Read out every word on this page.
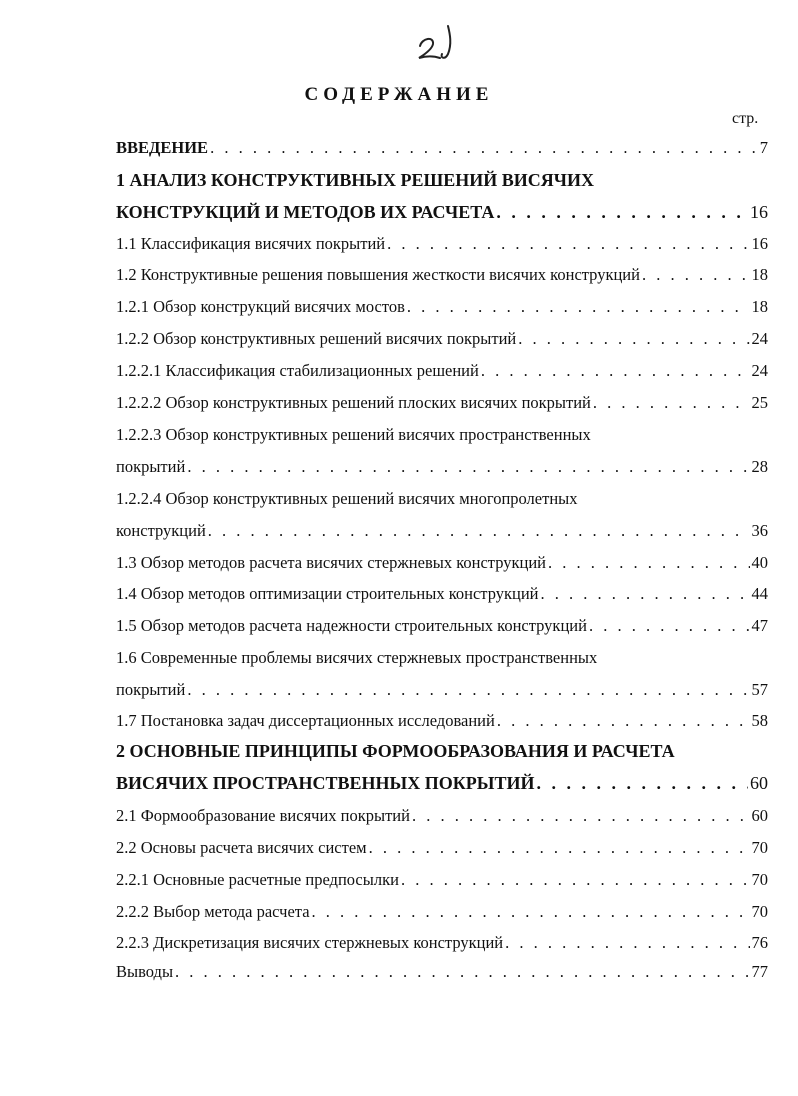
СОДЕРЖАНИЕ
стр.
ВВЕДЕНИЕ . . .	7
1 АНАЛИЗ КОНСТРУКТИВНЫХ РЕШЕНИЙ ВИСЯЧИХ
КОНСТРУКЦИЙ И МЕТОДОВ ИХ РАСЧЕТА . . .	16
1.1 Классификация висячих покрытий . . .	16
1.2 Конструктивные решения повышения жесткости висячих конструкций . . .	18
1.2.1 Обзор конструкций висячих мостов . . .	18
1.2.2 Обзор конструктивных решений висячих покрытий . . .	24
1.2.2.1 Классификация стабилизационных решений . . .	24
1.2.2.2 Обзор конструктивных решений плоских висячих покрытий . . .	25
1.2.2.3 Обзор конструктивных решений висячих пространственных
покрытий . . .	28
1.2.2.4 Обзор конструктивных решений висячих многопролетных
конструкций . . .	36
1.3 Обзор методов расчета висячих стержневых конструкций . . .	40
1.4 Обзор методов оптимизации строительных конструкций . . .	44
1.5 Обзор методов расчета надежности строительных конструкций . . .	47
1.6 Современные проблемы висячих стержневых пространственных
покрытий . . .	57
1.7 Постановка задач диссертационных исследований . . .	58
2 ОСНОВНЫЕ ПРИНЦИПЫ ФОРМООБРАЗОВАНИЯ И РАСЧЕТА
ВИСЯЧИХ ПРОСТРАНСТВЕННЫХ ПОКРЫТИЙ . . .	60
2.1 Формообразование висячих покрытий . . .	60
2.2 Основы расчета висячих систем . . .	70
2.2.1 Основные расчетные предпосылки . . .	70
2.2.2 Выбор метода расчета . . .	70
2.2.3 Дискретизация висячих стержневых конструкций . . .	76
Выводы . . .	77
